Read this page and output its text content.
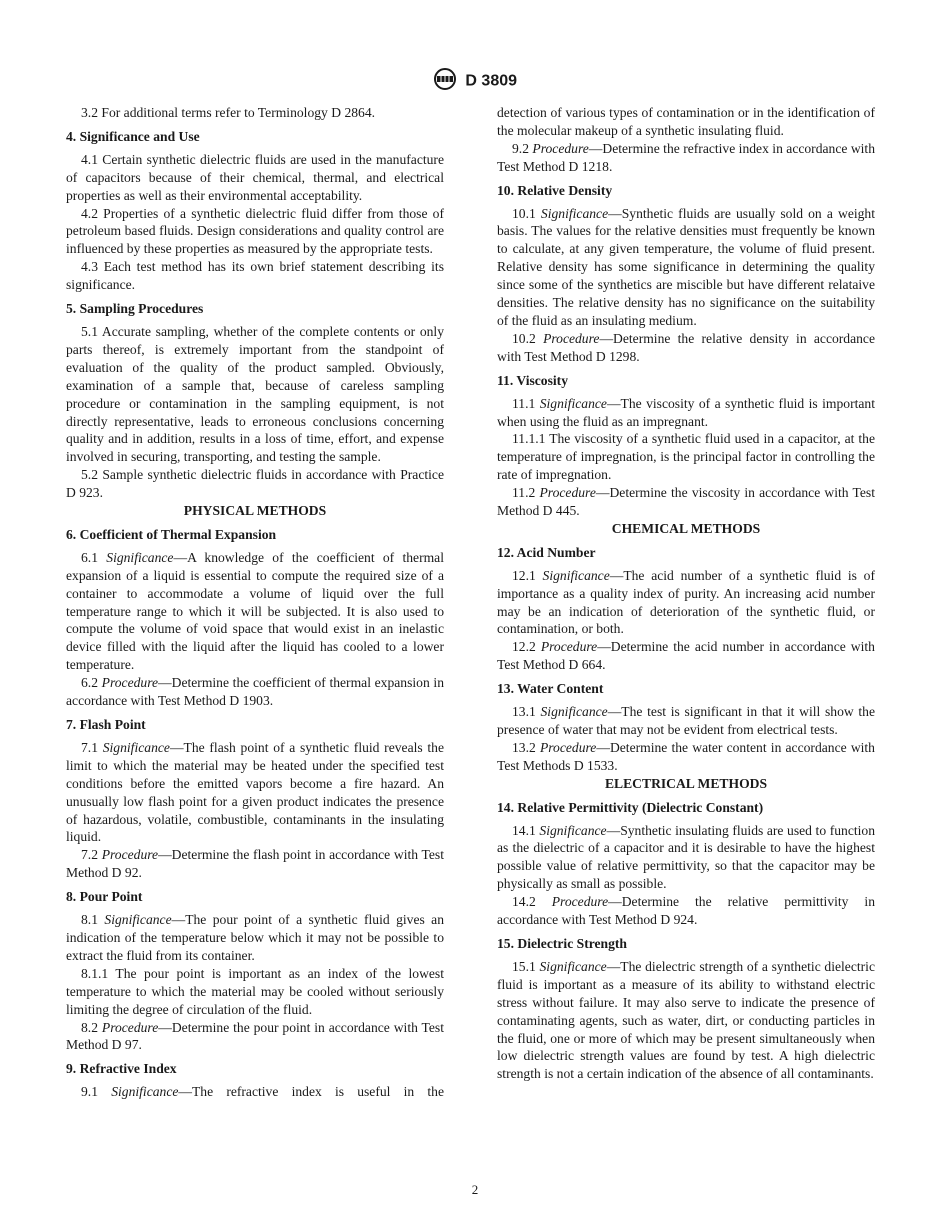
D 3809

3.2 For additional terms refer to Terminology D 2864.

4. Significance and Use

4.1 Certain synthetic dielectric fluids are used in the manufacture of capacitors because of their chemical, thermal, and electrical properties as well as their environmental acceptability.

4.2 Properties of a synthetic dielectric fluid differ from those of petroleum based fluids. Design considerations and quality control are influenced by these properties as measured by the appropriate tests.

4.3 Each test method has its own brief statement describing its significance.

5. Sampling Procedures

5.1 Accurate sampling, whether of the complete contents or only parts thereof, is extremely important from the standpoint of evaluation of the quality of the product sampled. Obviously, examination of a sample that, because of careless sampling procedure or contamination in the sampling equipment, is not directly representative, leads to erroneous conclusions concerning quality and in addition, results in a loss of time, effort, and expense involved in securing, transporting, and testing the sample.

5.2 Sample synthetic dielectric fluids in accordance with Practice D 923.

PHYSICAL METHODS

6. Coefficient of Thermal Expansion

6.1 Significance—A knowledge of the coefficient of thermal expansion of a liquid is essential to compute the required size of a container to accommodate a volume of liquid over the full temperature range to which it will be subjected. It is also used to compute the volume of void space that would exist in an inelastic device filled with the liquid after the liquid has cooled to a lower temperature.

6.2 Procedure—Determine the coefficient of thermal expansion in accordance with Test Method D 1903.

7. Flash Point

7.1 Significance—The flash point of a synthetic fluid reveals the limit to which the material may be heated under the specified test conditions before the emitted vapors become a fire hazard. An unusually low flash point for a given product indicates the presence of hazardous, volatile, combustible, contaminants in the insulating liquid.

7.2 Procedure—Determine the flash point in accordance with Test Method D 92.

8. Pour Point

8.1 Significance—The pour point of a synthetic fluid gives an indication of the temperature below which it may not be possible to extract the fluid from its container.

8.1.1 The pour point is important as an index of the lowest temperature to which the material may be cooled without seriously limiting the degree of circulation of the fluid.

8.2 Procedure—Determine the pour point in accordance with Test Method D 97.

9. Refractive Index

9.1 Significance—The refractive index is useful in the

detection of various types of contamination or in the identification of the molecular makeup of a synthetic insulating fluid.

9.2 Procedure—Determine the refractive index in accordance with Test Method D 1218.

10. Relative Density

10.1 Significance—Synthetic fluids are usually sold on a weight basis. The values for the relative densities must frequently be known to calculate, at any given temperature, the volume of fluid present. Relative density has some significance in determining the quality since some of the synthetics are miscible but have different relataive densities. The relative density has no significance on the suitability of the fluid as an insulating medium.

10.2 Procedure—Determine the relative density in accordance with Test Method D 1298.

11. Viscosity

11.1 Significance—The viscosity of a synthetic fluid is important when using the fluid as an impregnant.

11.1.1 The viscosity of a synthetic fluid used in a capacitor, at the temperature of impregnation, is the principal factor in controlling the rate of impregnation.

11.2 Procedure—Determine the viscosity in accordance with Test Method D 445.

CHEMICAL METHODS

12. Acid Number

12.1 Significance—The acid number of a synthetic fluid is of importance as a quality index of purity. An increasing acid number may be an indication of deterioration of the synthetic fluid, or contamination, or both.

12.2 Procedure—Determine the acid number in accordance with Test Method D 664.

13. Water Content

13.1 Significance—The test is significant in that it will show the presence of water that may not be evident from electrical tests.

13.2 Procedure—Determine the water content in accordance with Test Methods D 1533.

ELECTRICAL METHODS

14. Relative Permittivity (Dielectric Constant)

14.1 Significance—Synthetic insulating fluids are used to function as the dielectric of a capacitor and it is desirable to have the highest possible value of relative permittivity, so that the capacitor may be physically as small as possible.

14.2 Procedure—Determine the relative permittivity in accordance with Test Method D 924.

15. Dielectric Strength

15.1 Significance—The dielectric strength of a synthetic dielectric fluid is important as a measure of its ability to withstand electric stress without failure. It may also serve to indicate the presence of contaminating agents, such as water, dirt, or conducting particles in the fluid, one or more of which may be present simultaneously when low dielectric strength values are found by test. A high dielectric strength is not a certain indication of the absence of all contaminants.

2
